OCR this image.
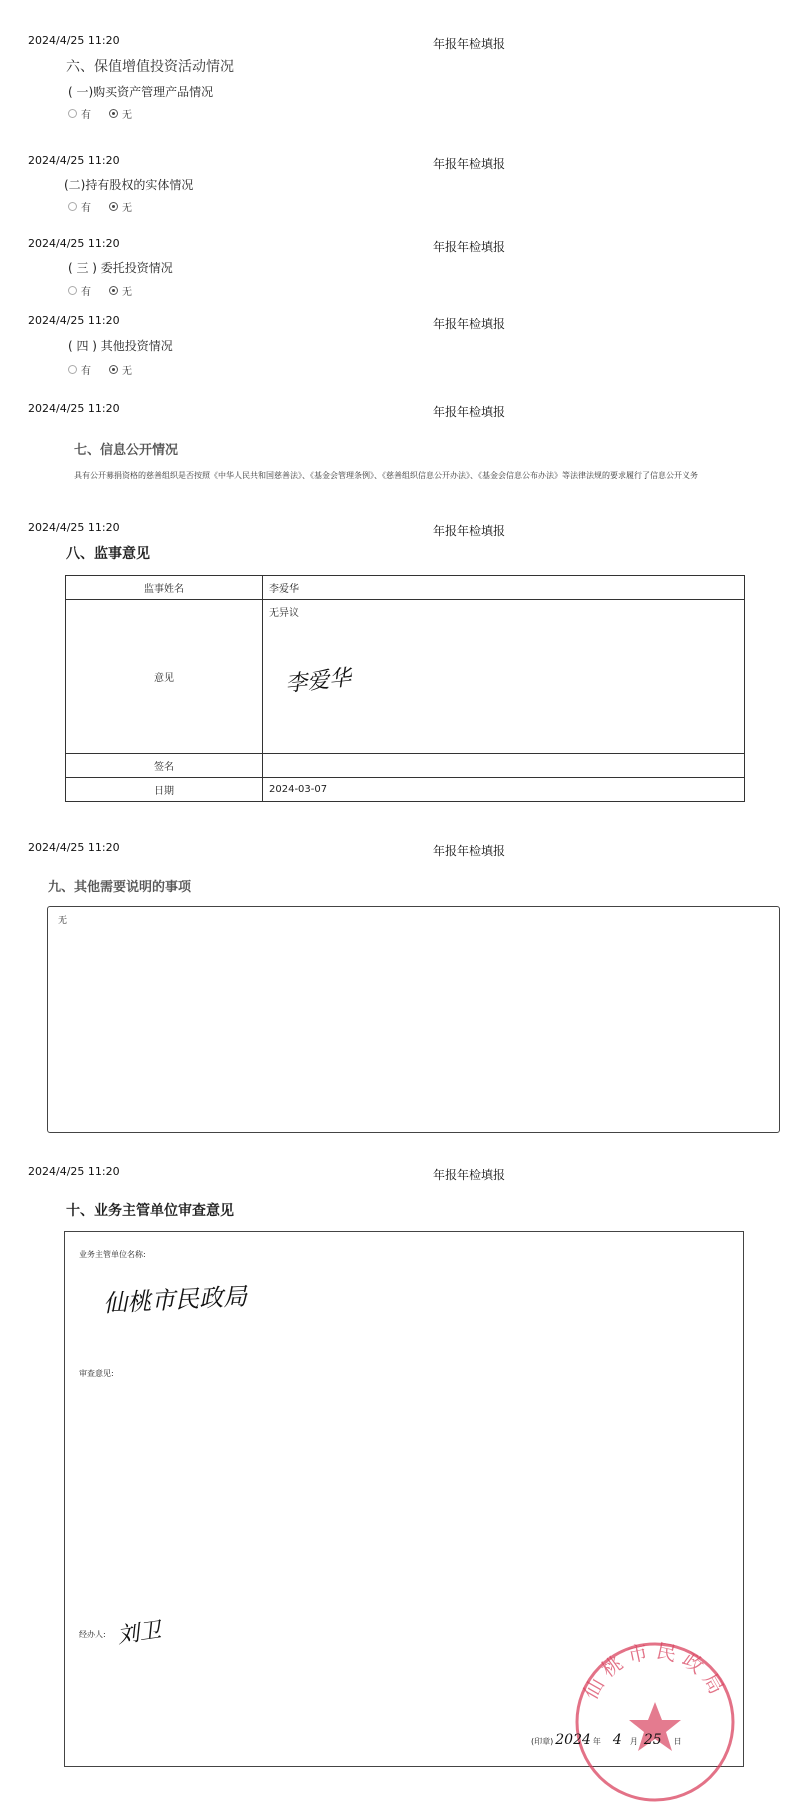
2024/4/25 11:20	年报年检填报
六、保值增值投资活动情况
( 一)购买资产管理产品情况
有	无
2024/4/25 11:20	年报年检填报
(二)持有股权的实体情况
有	无
2024/4/25 11:20	年报年检填报
( 三 ) 委托投资情况
有	无
2024/4/25 11:20	年报年检填报
( 四 ) 其他投资情况
有	无
2024/4/25 11:20	年报年检填报
七、信息公开情况
具有公开募捐资格的慈善组织是否按照《中华人民共和国慈善法》、《基金会管理条例》、《慈善组织信息公开办法》、《基金会信息公布办法》等法律法规的要求履行了信息公开义务
2024/4/25 11:20	年报年检填报
八、监事意见
监事姓名	李爱华
意见	无异议
李爱华

签名	
日期	2024-03-07
2024/4/25 11:20	年报年检填报
九、其他需要说明的事项
无
2024/4/25 11:20	年报年检填报
十、业务主管单位审查意见
业务主管单位名称:
仙桃市民政局
审查意见:
经办人: 刘卫
仙桃市民政局
(印章) 2024 年 4 月 25 日
